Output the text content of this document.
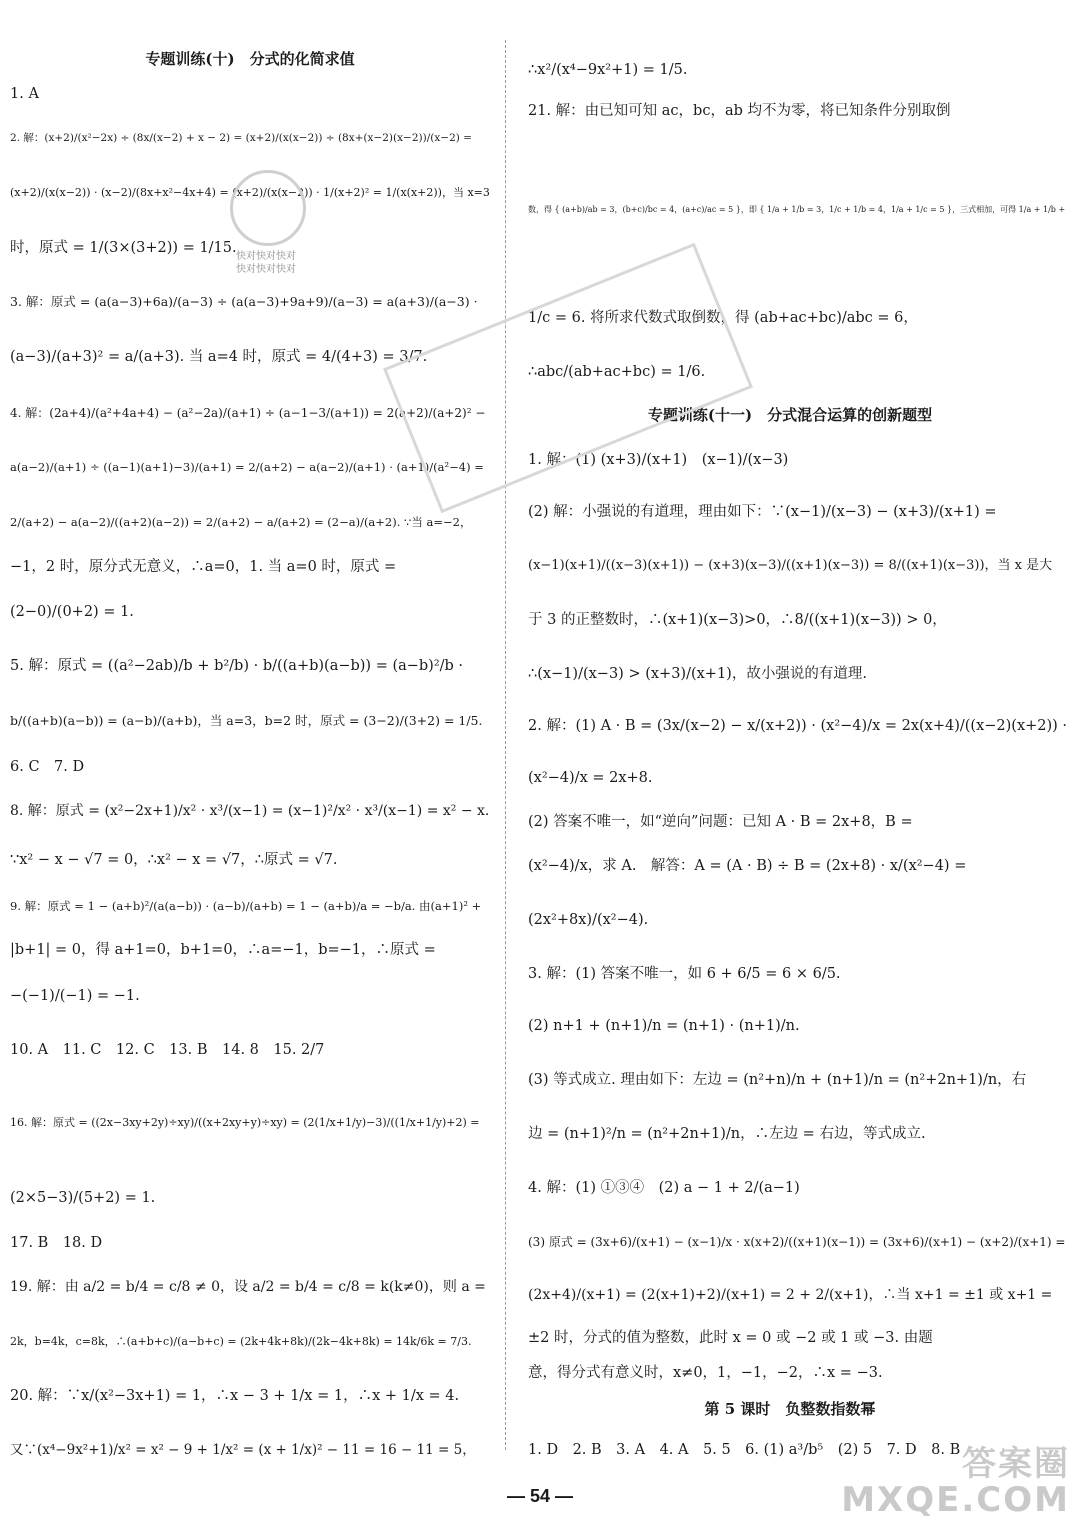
专题训练(十)　分式的化简求值
1. A
2. 解：(x+2)/(x²−2x) ÷ (8x/(x−2) + x − 2) = (x+2)/(x(x−2)) ÷ (8x+(x−2)(x−2))/(x−2) =
(x+2)/(x(x−2)) · (x−2)/(8x+x²−4x+4) = (x+2)/(x(x−2)) · 1/(x+2)² = 1/(x(x+2))，当 x=3
时，原式 = 1/(3×(3+2)) = 1/15.
3. 解：原式 = (a(a−3)+6a)/(a−3) ÷ (a(a−3)+9a+9)/(a−3) = a(a+3)/(a−3) ·
(a−3)/(a+3)² = a/(a+3). 当 a=4 时，原式 = 4/(4+3) = 3/7.
4. 解：(2a+4)/(a²+4a+4) − (a²−2a)/(a+1) ÷ (a−1−3/(a+1)) = 2(a+2)/(a+2)² −
a(a−2)/(a+1) ÷ ((a−1)(a+1)−3)/(a+1) = 2/(a+2) − a(a−2)/(a+1) · (a+1)/(a²−4) =
2/(a+2) − a(a−2)/((a+2)(a−2)) = 2/(a+2) − a/(a+2) = (2−a)/(a+2). ∵当 a=−2，
−1，2 时，原分式无意义，∴a=0，1. 当 a=0 时，原式 =
(2−0)/(0+2) = 1.
5. 解：原式 = ((a²−2ab)/b + b²/b) · b/((a+b)(a−b)) = (a−b)²/b ·
b/((a+b)(a−b)) = (a−b)/(a+b)，当 a=3，b=2 时，原式 = (3−2)/(3+2) = 1/5.
6. C　7. D
8. 解：原式 = (x²−2x+1)/x² · x³/(x−1) = (x−1)²/x² · x³/(x−1) = x² − x.
∵x² − x − √7 = 0，∴x² − x = √7，∴原式 = √7.
9. 解：原式 = 1 − (a+b)²/(a(a−b)) · (a−b)/(a+b) = 1 − (a+b)/a = −b/a. 由(a+1)² +
|b+1| = 0，得 a+1=0，b+1=0，∴a=−1，b=−1，∴原式 =
−(−1)/(−1) = −1.
10. A　11. C　12. C　13. B　14. 8　15. 2/7
16. 解：原式 = ((2x−3xy+2y)÷xy)/((x+2xy+y)÷xy) = (2(1/x+1/y)−3)/((1/x+1/y)+2) =
(2×5−3)/(5+2) = 1.
17. B　18. D
19. 解：由 a/2 = b/4 = c/8 ≠ 0，设 a/2 = b/4 = c/8 = k(k≠0)，则 a =
2k，b=4k，c=8k，∴(a+b+c)/(a−b+c) = (2k+4k+8k)/(2k−4k+8k) = 14k/6k = 7/3.
20. 解：∵x/(x²−3x+1) = 1，∴x − 3 + 1/x = 1，∴x + 1/x = 4.
又∵(x⁴−9x²+1)/x² = x² − 9 + 1/x² = (x + 1/x)² − 11 = 16 − 11 = 5，
∴x²/(x⁴−9x²+1) = 1/5.
21. 解：由已知可知 ac，bc，ab 均不为零，将已知条件分别取倒
数，得 { (a+b)/ab = 3，(b+c)/bc = 4，(a+c)/ac = 5 }，即 { 1/a + 1/b = 3，1/c + 1/b = 4，1/a + 1/c = 5 }，三式相加，可得 1/a + 1/b +
1/c = 6. 将所求代数式取倒数，得 (ab+ac+bc)/abc = 6，
∴abc/(ab+ac+bc) = 1/6.
专题训练(十一)　分式混合运算的创新题型
1. 解：(1) (x+3)/(x+1)　(x−1)/(x−3)
(2) 解：小强说的有道理，理由如下：∵(x−1)/(x−3) − (x+3)/(x+1) =
(x−1)(x+1)/((x−3)(x+1)) − (x+3)(x−3)/((x+1)(x−3)) = 8/((x+1)(x−3))，当 x 是大
于 3 的正整数时，∴(x+1)(x−3)>0，∴8/((x+1)(x−3)) > 0，
∴(x−1)/(x−3) > (x+3)/(x+1)，故小强说的有道理.
2. 解：(1) A · B = (3x/(x−2) − x/(x+2)) · (x²−4)/x = 2x(x+4)/((x−2)(x+2)) ·
(x²−4)/x = 2x+8.
(2) 答案不唯一，如“逆向”问题：已知 A · B = 2x+8，B =
(x²−4)/x，求 A.　解答：A = (A · B) ÷ B = (2x+8) · x/(x²−4) =
(2x²+8x)/(x²−4).
3. 解：(1) 答案不唯一，如 6 + 6/5 = 6 × 6/5.
(2) n+1 + (n+1)/n = (n+1) · (n+1)/n.
(3) 等式成立. 理由如下：左边 = (n²+n)/n + (n+1)/n = (n²+2n+1)/n，右
边 = (n+1)²/n = (n²+2n+1)/n，∴左边 = 右边，等式成立.
4. 解：(1) ①③④　(2) a − 1 + 2/(a−1)
(3) 原式 = (3x+6)/(x+1) − (x−1)/x · x(x+2)/((x+1)(x−1)) = (3x+6)/(x+1) − (x+2)/(x+1) =
(2x+4)/(x+1) = (2(x+1)+2)/(x+1) = 2 + 2/(x+1)，∴当 x+1 = ±1 或 x+1 =
±2 时，分式的值为整数，此时 x = 0 或 −2 或 1 或 −3. 由题
意，得分式有意义时，x≠0，1，−1，−2，∴x = −3.
第 5 课时　负整数指数幂
1. D　2. B　3. A　4. A　5. 5　6. (1) a³/b⁵　(2) 5　7. D　8. B
— 54 —
快对快对快对
快对快对快对
答案圈
MXQE.COM
